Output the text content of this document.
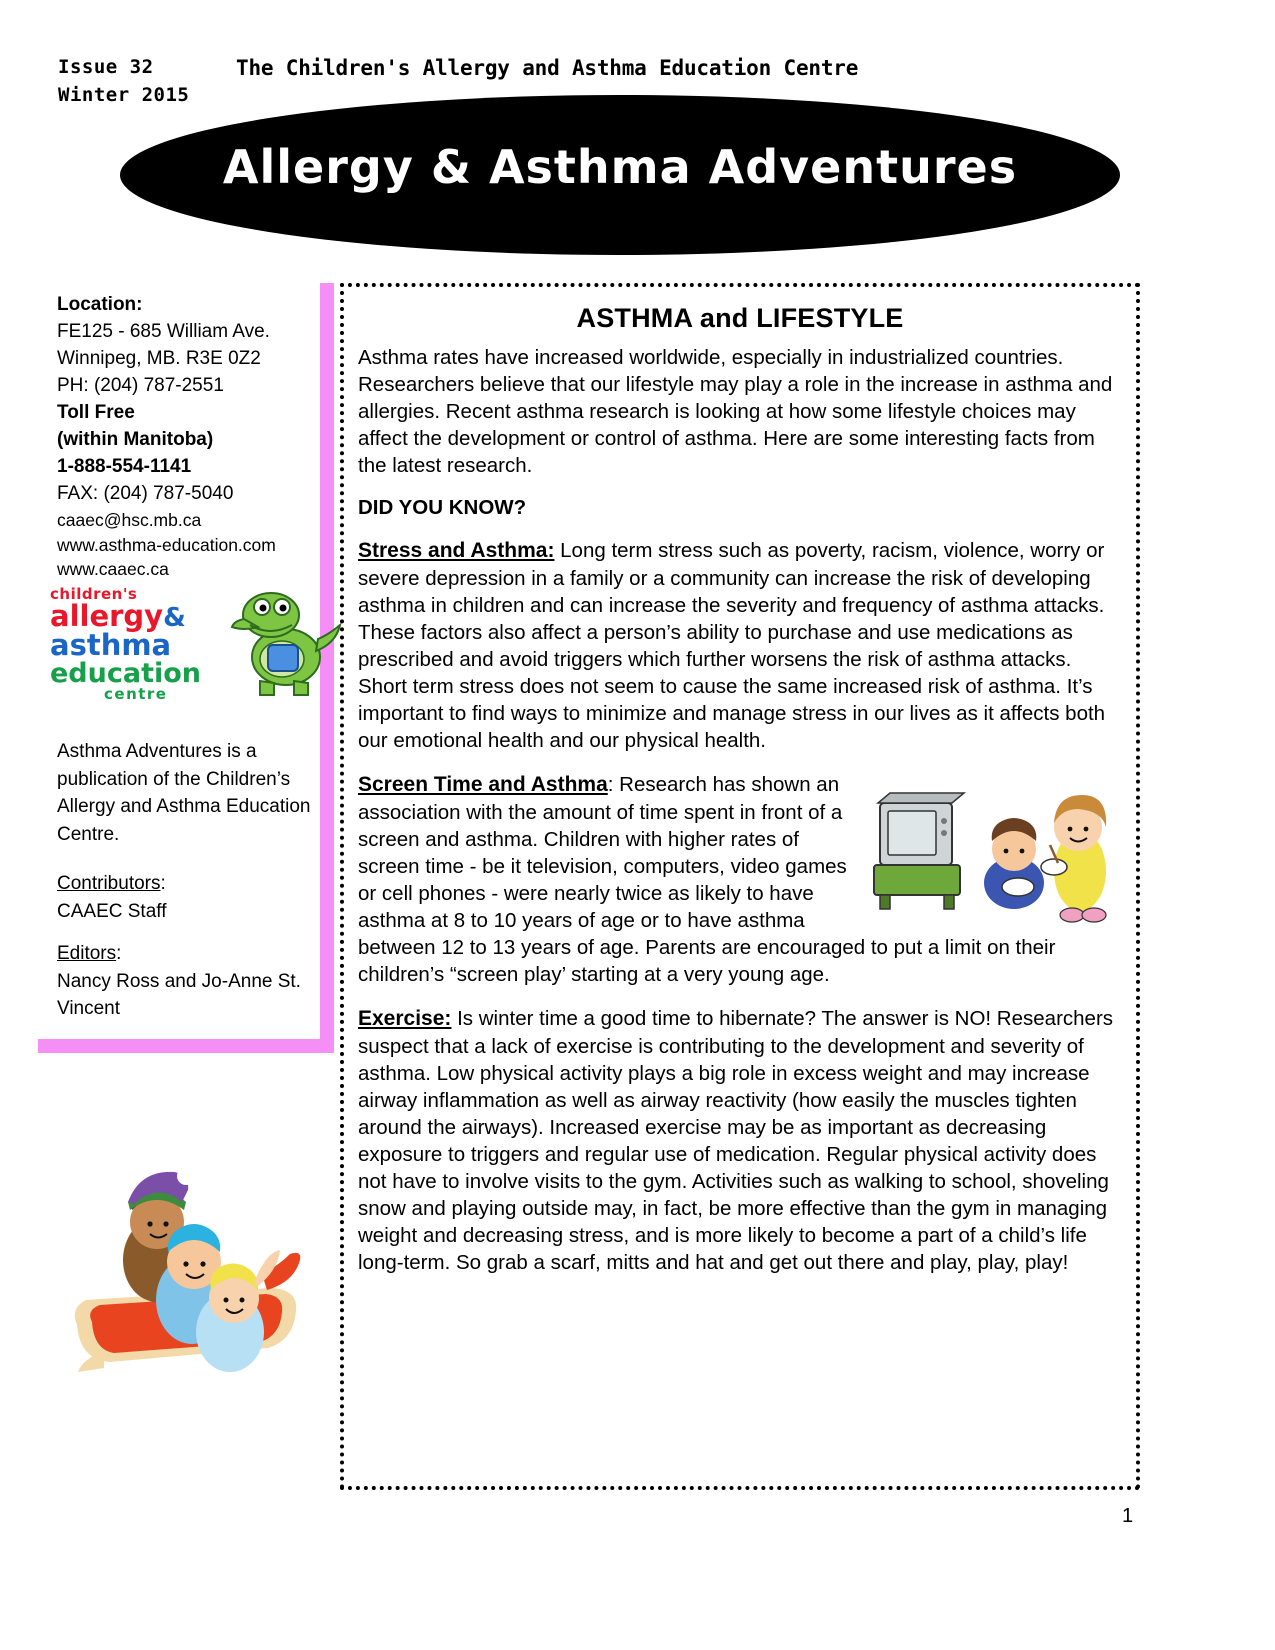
Issue 32
Winter 2015
The Children's Allergy and Asthma Education Centre
Allergy & Asthma Adventures
Location:
FE125 - 685 William Ave.
Winnipeg, MB. R3E 0Z2
PH: (204) 787-2551
Toll Free
(within Manitoba)
1-888-554-1141
FAX: (204) 787-5040
caaec@hsc.mb.ca
www.asthma-education.com
www.caaec.ca
children's
allergy&
asthma
education
centre
Asthma Adventures is a publication of the Children’s Allergy and Asthma Education Centre.
Contributors:
CAAEC Staff
Editors:
Nancy Ross and Jo-Anne St. Vincent
ASTHMA and LIFESTYLE
Asthma rates have increased worldwide, especially in industrialized countries. Researchers believe that our lifestyle may play a role in the increase in asthma and allergies. Recent asthma research is looking at how some lifestyle choices may affect the development or control of asthma. Here are some interesting facts from the latest research.
DID YOU KNOW?
Stress and Asthma: Long term stress such as poverty, racism, violence, worry or severe depression in a family or a community can increase the risk of developing asthma in children and can increase the severity and frequency of asthma attacks.
These factors also affect a person’s ability to purchase and use medications as prescribed and avoid triggers which further worsens the risk of asthma attacks. Short term stress does not seem to cause the same increased risk of asthma. It’s important to find ways to minimize and manage stress in our lives as it affects both our emotional health and our physical health.
Screen Time and Asthma: Research has shown an association with the amount of time spent in front of a screen and asthma. Children with higher rates of screen time - be it television, computers, video games or cell phones - were nearly twice as likely to have asthma at 8 to 10 years of age or to have asthma between 12 to 13 years of age. Parents are encouraged to put a limit on their children’s “screen play’ starting at a very young age.
Exercise: Is winter time a good time to hibernate? The answer is NO! Researchers suspect that a lack of exercise is contributing to the development and severity of asthma. Low physical activity plays a big role in excess weight and may increase airway inflammation as well as airway reactivity (how easily the muscles tighten around the airways). Increased exercise may be as important as decreasing exposure to triggers and regular use of medication. Regular physical activity does not have to involve visits to the gym. Activities such as walking to school, shoveling snow and playing outside may, in fact, be more effective than the gym in managing weight and decreasing stress, and is more likely to become a part of a child’s life long-term. So grab a scarf, mitts and hat and get out there and play, play, play!
1
